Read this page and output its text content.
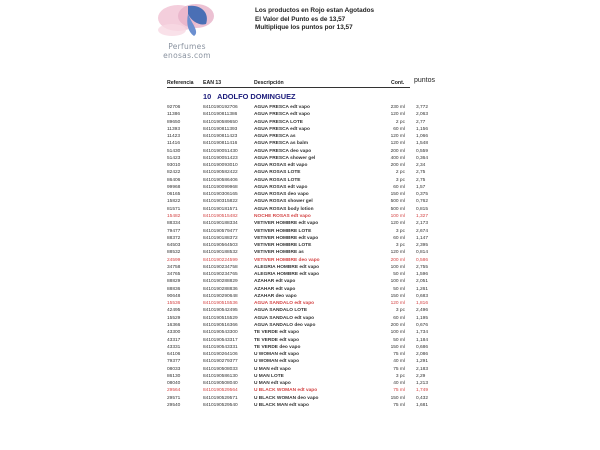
Perfumes enosas.com
Los productos en Rojo estan Agotados
El Valor del Punto es de 13,57
Multiplique los puntos por 13,57
Referencia EAN 13	Descripción	Cont. puntos
10 ADOLFO DOMINGUEZ
92706	8410190192706	AGUA FRESCA edt vapo	230 ml 3,772
11386	8410190811386	AGUA FRESCA edt vapo	120 ml 2,063
89650	8410190589650	AGUA FRESCA LOTE	2 pc 2,77
11393	8410190811393	AGUA FRESCA edt vapo	60 ml 1,156
11423	8410190811423	AGUA FRESCA as	120 ml 1,066
11416	8410190811416	AGUA FRESCA as balm	120 ml 1,548
51430	8410190051430	AGUA FRESCA deo vapo	200 ml 0,559
51423	8410190051423	AGUA FRESCA shower gel	400 ml 0,364
93010	8410190093010	AGUA ROSAS edt vapo	200 ml 2,34
82422	8410190582422	AGUA ROSAS LOTE	2 pc 2,75
86406	8410190586406	AGUA ROSAS LOTE	3 pc 2,75
99968	8410190099968	AGUA ROSAS edt vapo	60 ml 1,57
06165	8410190306165	AGUA ROSAS deo vapo	150 ml 0,375
15822	8410190315822	AGUA ROSAS shower gel	500 ml 0,762
81571	8410190181571	AGUA ROSAS body lotion	500 ml 0,815
15482	8410190515482	NOCHE ROSAS edt vapo	100 ml 1,327
88334	8410190188334	VETIVER HOMBRE edt vapo	120 ml 2,173
79477	8410190579477	VETIVER HOMBRE LOTE	3 pc 2,674
88372	8410190188372	VETIVER HOMBRE edt vapo	60 ml 1,147
64503	8410190564503	VETIVER HOMBRE LOTE	3 pc 2,395
88532	8410190188532	VETIVER HOMBRE as	120 ml 0,814
24599	8410190224599	VETIVER HOMBRE deo vapo	200 ml 0,586
34758	8410190234758	ALEGRIA HOMBRE edt vapo	100 ml 2,755
34765	8410190234765	ALEGRIA HOMBRE edt vapo	50 ml 1,596
88829	8410190288829	AZAHAR edt vapo	100 ml 2,051
88836	8410190288836	AZAHAR edt vapo	50 ml 1,261
90648	8410190290648	AZAHAR deo vapo	150 ml 0,683
15536	8410190515536	AGUA SANDALO edt vapo	120 ml 1,816
42495	8410190542495	AGUA SANDALO LOTE	3 pc 2,496
15529	8410190515529	AGUA SANDALO edt vapo	60 ml 1,195
16366	8410190516366	AGUA SANDALO deo vapo	200 ml 0,676
43300	8410190543300	TE VERDE edt vapo	100 ml 1,734
43317	8410190543317	TE VERDE edt vapo	50 ml 1,184
43331	8410190543331	TE VERDE deo vapo	150 ml 0,686
64106	8410190264106	U WOMAN edt vapo	75 ml 2,086
79377	8410190279377	U WOMAN edt vapo	40 ml 1,291
08033	8410190508033	U MAN edt vapo	75 ml 2,183
86130	8410190586130	U MAN LOTE	3 pc 2,29
08040	8410190508040	U MAN edt vapo	40 ml 1,213
29564	8410190529564	U BLACK WOMAN edt vapo	75 ml 1,749
29571	8410190529571	U BLACK WOMAN deo vapo	150 ml 0,432
29540	8410190529540	U BLACK MAN edt vapo	75 ml 1,681
